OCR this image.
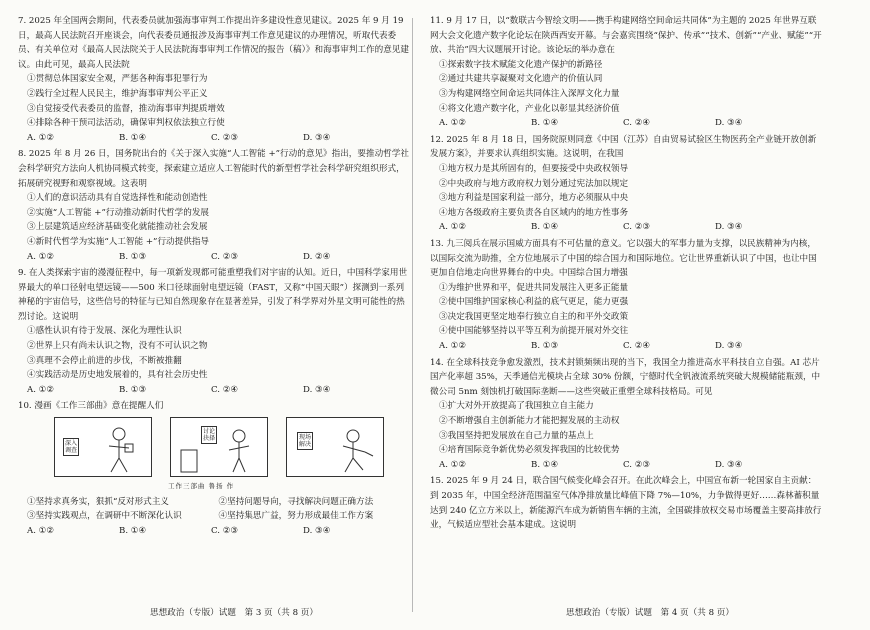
7. 2025 年全国两会期间，代表委员就加强海事审判工作提出许多建设性意见建议。2025 年 9 月 19 日，最高人民法院召开座谈会，向代表委员通报涉及海事审判工作意见建议的办理情况，听取代表委员、有关单位对《最高人民法院关于人民法院海事审判工作情况的报告（稿）》和海事审判工作的意见建议。由此可见，最高人民法院

①贯彻总体国家安全观，严惩各种海事犯罪行为

②践行全过程人民民主，维护海事审判公平正义

③自觉接受代表委员的监督，推动海事审判提质增效

④排除各种干预司法活动，确保审判权依法独立行使

A. ①②	B. ①④	C. ②③	D. ③④

8. 2025 年 8 月 26 日，国务院出台的《关于深入实施“人工智能 +”行动的意见》指出，要推动哲学社会科学研究方法向人机协同模式转变，探索建立适应人工智能时代的新型哲学社会科学研究组织形式，拓展研究视野和观察视域。这表明

①人们的意识活动具有自觉选择性和能动创造性

②实施“人工智能 +”行动推动新时代哲学的发展

③上层建筑适应经济基础变化就能推动社会发展

④新时代哲学为实施“人工智能 +”行动提供指导

A. ①②	B. ①③	C. ②③	D. ②④

9. 在人类探索宇宙的漫漫征程中，每一项新发现都可能重塑我们对宇宙的认知。近日，中国科学家用世界最大的单口径射电望远镜——500 米口径球面射电望远镜（FAST，又称“中国天眼”）探测到一系列神秘的宇宙信号，这些信号的特征与已知自然现象存在显著差异，引发了科学界对外星文明可能性的热烈讨论。这说明

①感性认识有待于发展、深化为理性认识

②世界上只有尚未认识之物，没有不可认识之物

③真理不会停止前进的步伐，不断被推翻

④实践活动是历史地发展着的，具有社会历史性

A. ①②	B. ①③	C. ②④	D. ③④

10. 漫画《工作三部曲》意在提醒人们

深入调查
讨论抉择	现场解决

工作三部曲 鲁扬 作

①坚持求真务实，狠抓“反对形式主义	②坚持问题导向，寻找解决问题正确方法
③坚持实践观点，在调研中不断深化认识	④坚持集思广益，努力形成最佳工作方案
A. ①②	B. ①④	C. ②③	D. ③④

11. 9 月 17 日，以“数联古今智绘文明——携手构建网络空间命运共同体”为主题的 2025 年世界互联网大会文化遗产数字化论坛在陕西西安开幕。与会嘉宾围绕“保护、传承”“技术、创新”“产业、赋能”“开放、共治”四大议题展开讨论。该论坛的举办意在

①探索数字技术赋能文化遗产保护的新路径

②通过共建共享凝聚对文化遗产的价值认同

③为构建网络空间命运共同体注入深厚文化力量

④将文化遗产数字化，产业化以彰显其经济价值

A. ①②	B. ①④	C. ②④	D. ③④

12. 2025 年 8 月 18 日，国务院原则同意《中国（江苏）自由贸易试验区生物医药全产业链开放创新发展方案》，并要求认真组织实施。这说明，在我国

①地方权力是其所固有的，但要接受中央政权领导

②中央政府与地方政府权力划分通过宪法加以规定

③地方利益是国家利益一部分，地方必须服从中央

④地方各级政府主要负责各自区域内的地方性事务

A. ①②	B. ①④	C. ②③	D. ③④

13. 九三阅兵在展示国威方面具有不可估量的意义。它以强大的军事力量为支撑，以民族精神为内核，以国际交流为助推，全方位地展示了中国的综合国力和国际地位。它让世界重新认识了中国，也让中国更加自信地走向世界舞台的中央。中国综合国力增强

①为维护世界和平，促进共同发展注入更多正能量

②使中国维护国家核心利益的底气更足，能力更强

③决定我国更坚定地奉行独立自主的和平外交政策

④使中国能够坚持以平等互利为前提开展对外交往

A. ①②	B. ①③	C. ②④	D. ③④

14. 在全球科技竞争愈发激烈，技术封锁频频出现的当下，我国全力推进高水平科技自立自强。AI 芯片国产化率超 35%，天季通信光模块占全球 30% 份额，宁德时代全钒液流系统突破大规模储能瓶颈，中微公司 5nm 刻蚀机打破国际垄断——这些突破正重塑全球科技格局。可见

①扩大对外开放提高了我国独立自主能力

②不断增强自主创新能力才能把握发展的主动权

③我国坚持把发展放在自己力量的基点上

④培育国际竞争新优势必须发挥我国的比较优势

A. ①②	B. ①④	C. ②③	D. ③④

15. 2025 年 9 月 24 日，联合国气候变化峰会召开。在此次峰会上，中国宣布新一轮国家自主贡献：到 2035 年，中国全经济范围温室气体净排放量比峰值下降 7%—10%，力争做得更好……森林蓄积量达到 240 亿立方米以上，新能源汽车成为新销售车辆的主流，全国碳排放权交易市场覆盖主要高排放行业，气候适应型社会基本建成。这说明

思想政治（专版）试题　第 3 页（共 8 页）	思想政治（专版）试题　第 4 页（共 8 页）
